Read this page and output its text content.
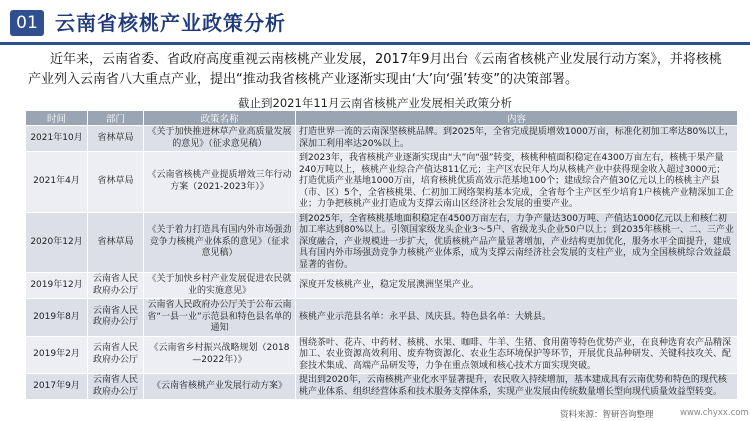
01 云南省核桃产业政策分析

近年来，云南省委、省政府高度重视云南核桃产业发展，2017年9月出台《云南省核桃产业发展行动方案》，并将核桃产业列入云南省八大重点产业，提出“推动我省核桃产业逐渐实现由‘大’向‘强’转变”的决策部署。

截止到2021年11月云南省核桃产业发展相关政策分析
时间	部门	政策名称	内容
2021年10月	省林草局	《关于加快推进林草产业高质量发展的意见》（征求意见稿）	打造世界一流的云南深坚核桃品牌。到2025年，全省完成提质增效1000万亩，标准化初加工率达80%以上，深加工利用率达20%以上。
2021年4月	省林草局	《云南省核桃产业提质增效三年行动方案（2021-2023年）》	到2023年，我省核桃产业逐渐实现由“大”向“强”转变，核桃种植面积稳定在4300万亩左右，核桃干果产量240万吨以上，核桃产业综合产值达811亿元；主产区农民年人均从核桃产业中获得现金收入超过3000元；打造优质产业基地1000万亩，培育核桃优质高效示范基地100个；建成综合产值30亿元以上的核桃主产县（市、区）5个，全省核桃果、仁初加工网络架构基本完成，全省每个主产区至少培育1户核桃产业精深加工企业；力争把核桃产业打造成为支撑云南山区经济社会发展的重要产业。
2020年12月	省林草局	《关于着力打造具有国内外市场强劲竞争力核桃产业体系的意见》（征求意见稿）	到2025年，全省核桃基地面积稳定在4500万亩左右，力争产量达300万吨、产值达1000亿元以上和核仁初加工率达到80%以上。引领国家级龙头企业3～5户、省级龙头企业50户以上；到2035年核桃一、二、三产业深度融合，产业规模进一步扩大，优质核桃产品产量显著增加，产业结构更加优化，服务水平全面提升，建成具有国内外市场强劲竞争力核桃产业体系，成为支撑云南经济社会发展的支柱产业，成为全国核桃综合效益最显著的省份。
2019年12月	云南省人民政府办公厅	《关于加快乡村产业发展促进农民就业的实施意见》	深度开发核桃产业，稳定发展澳洲坚果产业。
2019年8月	云南省人民政府办公厅	云南省人民政府办公厅关于公布云南省“一县一业”示范县和特色县名单的通知	核桃产业示范县名单：永平县、凤庆县。特色县名单：大姚县。
2019年2月	云南省人民政府办公厅	《云南省乡村振兴战略规划（2018—2022年）》	围绕茶叶、花卉、中药材、核桃、水果、咖啡、牛羊、生猪、食用菌等特色优势产业，在良种选育农产品精深加工、农业资源高效利用、废弃物资源化、农业生态环境保护等环节，开展优良品种研发、关键科技攻关、配套技术集成、高端产品研发等，力争在重点领域和核心技术方面实现突破。
2017年9月	云南省人民政府办公厅	《云南省核桃产业发展行动方案》	提出到2020年，云南核桃产业化水平显著提升，农民收入持续增加，基本建成具有云南优势和特色的现代核桃产业体系、组织经营体系和技术服务支撑体系，实现产业发展由传统数量增长型向现代质量效益型转变。
资料来源：智研咨询整理	www.chyxx.com
